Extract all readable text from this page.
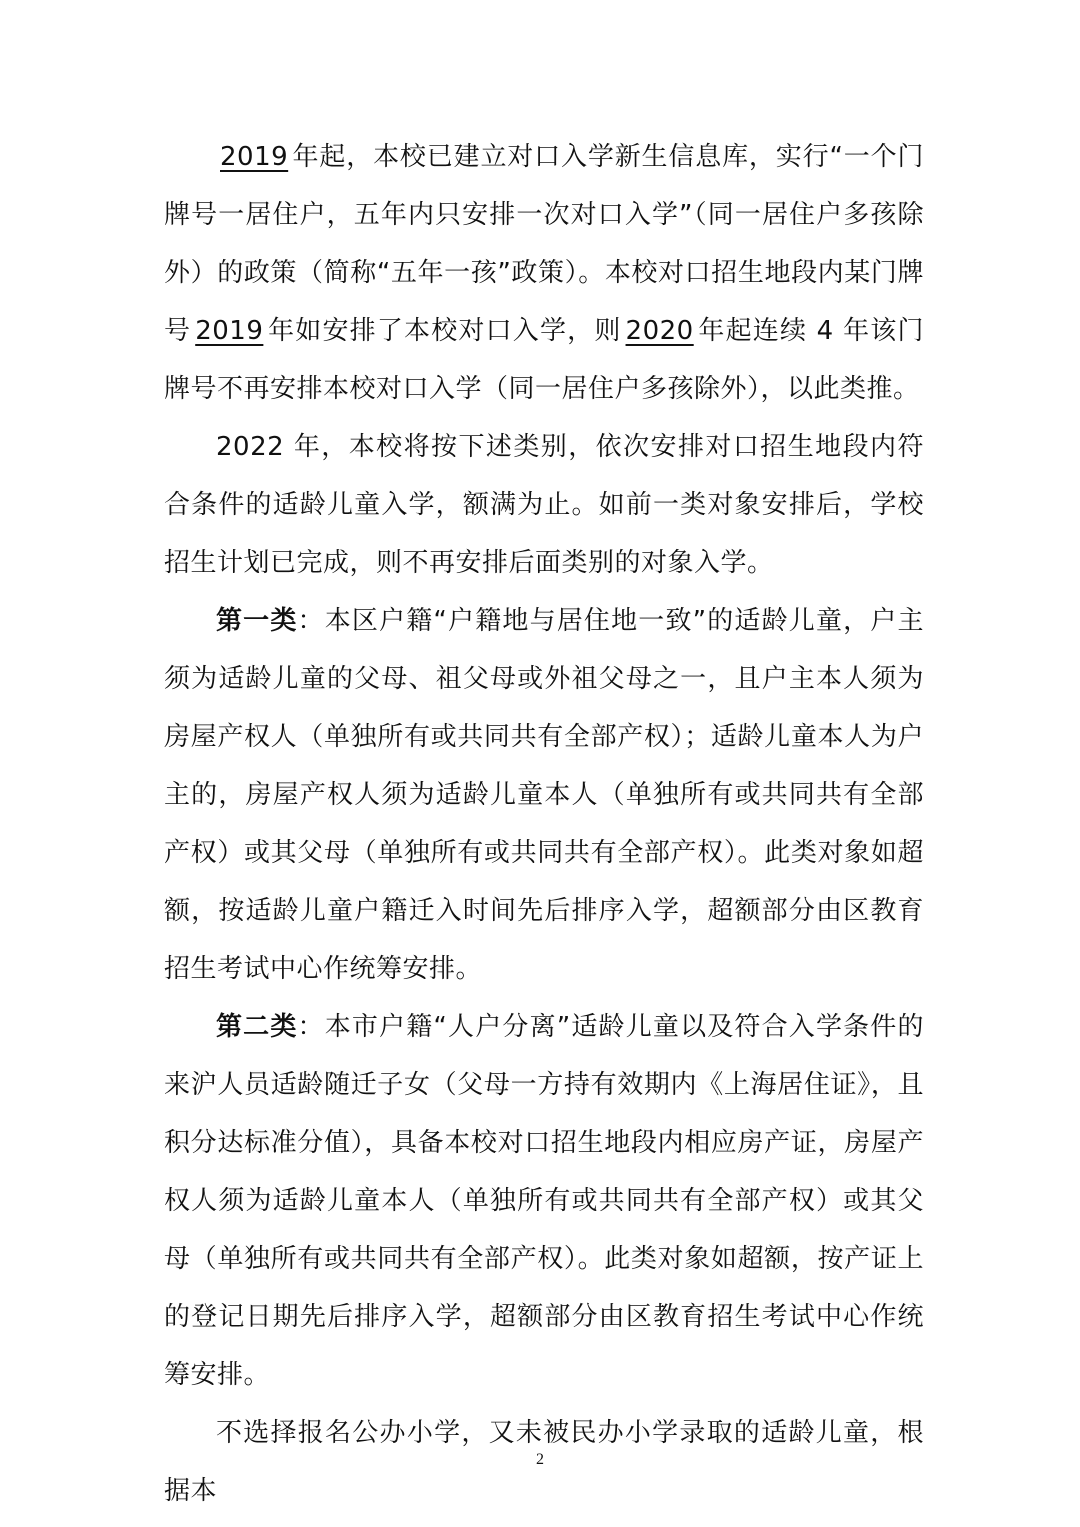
2019 年起，本校已建立对口入学新生信息库，实行“一个门牌号一居住户，五年内只安排一次对口入学”（同一居住户多孩除外）的政策（简称“五年一孩”政策）。本校对口招生地段内某门牌号 2019 年如安排了本校对口入学，则 2020 年起连续 4 年该门牌号不再安排本校对口入学（同一居住户多孩除外），以此类推。

2022 年，本校将按下述类别，依次安排对口招生地段内符合条件的适龄儿童入学，额满为止。如前一类对象安排后，学校招生计划已完成，则不再安排后面类别的对象入学。

第一类：本区户籍“户籍地与居住地一致”的适龄儿童，户主须为适龄儿童的父母、祖父母或外祖父母之一，且户主本人须为房屋产权人（单独所有或共同共有全部产权）；适龄儿童本人为户主的，房屋产权人须为适龄儿童本人（单独所有或共同共有全部产权）或其父母（单独所有或共同共有全部产权）。此类对象如超额，按适龄儿童户籍迁入时间先后排序入学，超额部分由区教育招生考试中心作统筹安排。

第二类：本市户籍“人户分离”适龄儿童以及符合入学条件的来沪人员适龄随迁子女（父母一方持有效期内《上海居住证》，且积分达标准分值），具备本校对口招生地段内相应房产证，房屋产权人须为适龄儿童本人（单独所有或共同共有全部产权）或其父母（单独所有或共同共有全部产权）。此类对象如超额，按产证上的登记日期先后排序入学，超额部分由区教育招生考试中心作统筹安排。

不选择报名公办小学，又未被民办小学录取的适龄儿童，根据本

2
